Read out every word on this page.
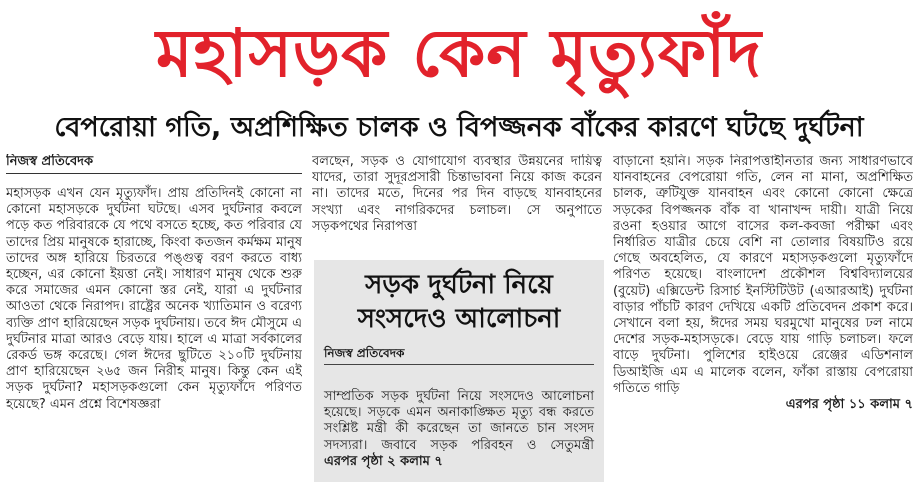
মহাসড়ক কেন মৃত্যুফাঁদ
বেপরোয়া গতি, অপ্রশিক্ষিত চালক ও বিপজ্জনক বাঁকের কারণে ঘটছে দুর্ঘটনা
নিজস্ব প্রতিবেদক

মহাসড়ক এখন যেন মৃত্যুফাঁদ। প্রায় প্রতিদিনই কোনো না কোনো মহাসড়কে দুর্ঘটনা ঘটছে। এসব দুর্ঘটনার কবলে পড়ে কত পরিবারকে যে পথে বসতে হচ্ছে, কত পরিবার যে তাদের প্রিয় মানুষকে হারাচ্ছে, কিংবা কতজন কর্মক্ষম মানুষ তাদের অঙ্গ হারিয়ে চিরতরে পঙ্গুত্ব বরণ করতে বাধ্য হচ্ছেন, এর কোনো ইয়ত্তা নেই। সাধারণ মানুষ থেকে শুরু করে সমাজের এমন কোনো স্তর নেই, যারা এ দুর্ঘটনার আওতা থেকে নিরাপদ। রাষ্ট্রের অনেক খ্যাতিমান ও বরেণ্য ব্যক্তি প্রাণ হারিয়েছেন সড়ক দুর্ঘটনায়। তবে ঈদ মৌসুমে এ দুর্ঘটনার মাত্রা আরও বেড়ে যায়। হালে এ মাত্রা সর্বকালের রেকর্ড ভঙ্গ করেছে। গেল ঈদের ছুটিতে ২১০টি দুর্ঘটনায় প্রাণ হারিয়েছেন ২৬৫ জন নিরীহ মানুষ। কিন্তু কেন এই সড়ক দুর্ঘটনা? মহাসড়কগুলো কেন মৃত্যুফাঁদে পরিণত হয়েছে? এমন প্রশ্নে বিশেষজ্ঞরা

বলছেন, সড়ক ও যোগাযোগ ব্যবস্থার উন্নয়নের দায়িত্ব যাদের, তারা সুদূরপ্রসারী চিন্তাভাবনা নিয়ে কাজ করেন না। তাদের মতে, দিনের পর দিন বাড়ছে যানবাহনের সংখ্যা এবং নাগরিকদের চলাচল। সে অনুপাতে সড়কপথের নিরাপত্তা

সড়ক দুর্ঘটনা নিয়ে
সংসদেও আলোচনা
নিজস্ব প্রতিবেদক
সাম্প্রতিক সড়ক দুর্ঘটনা নিয়ে সংসদেও আলোচনা হয়েছে। সড়কে এমন অনাকাঙ্ক্ষিত মৃত্যু বন্ধ করতে সংশ্লিষ্ট মন্ত্রী কী করেছেন তা জানতে চান সংসদ সদস্যরা। জবাবে সড়ক পরিবহন ও সেতুমন্ত্রী এরপর পৃষ্ঠা ২ কলাম ৭

বাড়ানো হয়নি। সড়ক নিরাপত্তাহীনতার জন্য সাধারণভাবে যানবাহনের বেপরোয়া গতি, লেন না মানা, অপ্রশিক্ষিত চালক, ত্রুটিযুক্ত যানবাহন এবং কোনো কোনো ক্ষেত্রে সড়কের বিপজ্জনক বাঁক বা খানাখন্দ দায়ী। যাত্রী নিয়ে রওনা হওয়ার আগে বাসের কল-কবজা পরীক্ষা এবং নির্ধারিত যাত্রীর চেয়ে বেশি না তোলার বিষয়টিও রয়ে গেছে অবহেলিত, যে কারণে মহাসড়কগুলো মৃত্যুফাঁদে পরিণত হয়েছে। বাংলাদেশ প্রকৌশল বিশ্ববিদ্যালয়ের (বুয়েট) এক্সিডেন্ট রিসার্চ ইনস্টিটিউট (এআরআই) দুর্ঘটনা বাড়ার পাঁচটি কারণ দেখিয়ে একটি প্রতিবেদন প্রকাশ করে। সেখানে বলা হয়, ঈদের সময় ঘরমুখো মানুষের ঢল নামে দেশের সড়ক-মহাসড়কে। বেড়ে যায় গাড়ি চলাচল। ফলে বাড়ে দুর্ঘটনা। পুলিশের হাইওয়ে রেঞ্জের এডিশনাল ডিআইজি এম এ মালেক বলেন, ফাঁকা রাস্তায় বেপরোয়া গতিতে গাড়ি

এরপর পৃষ্ঠা ১১ কলাম ৭
